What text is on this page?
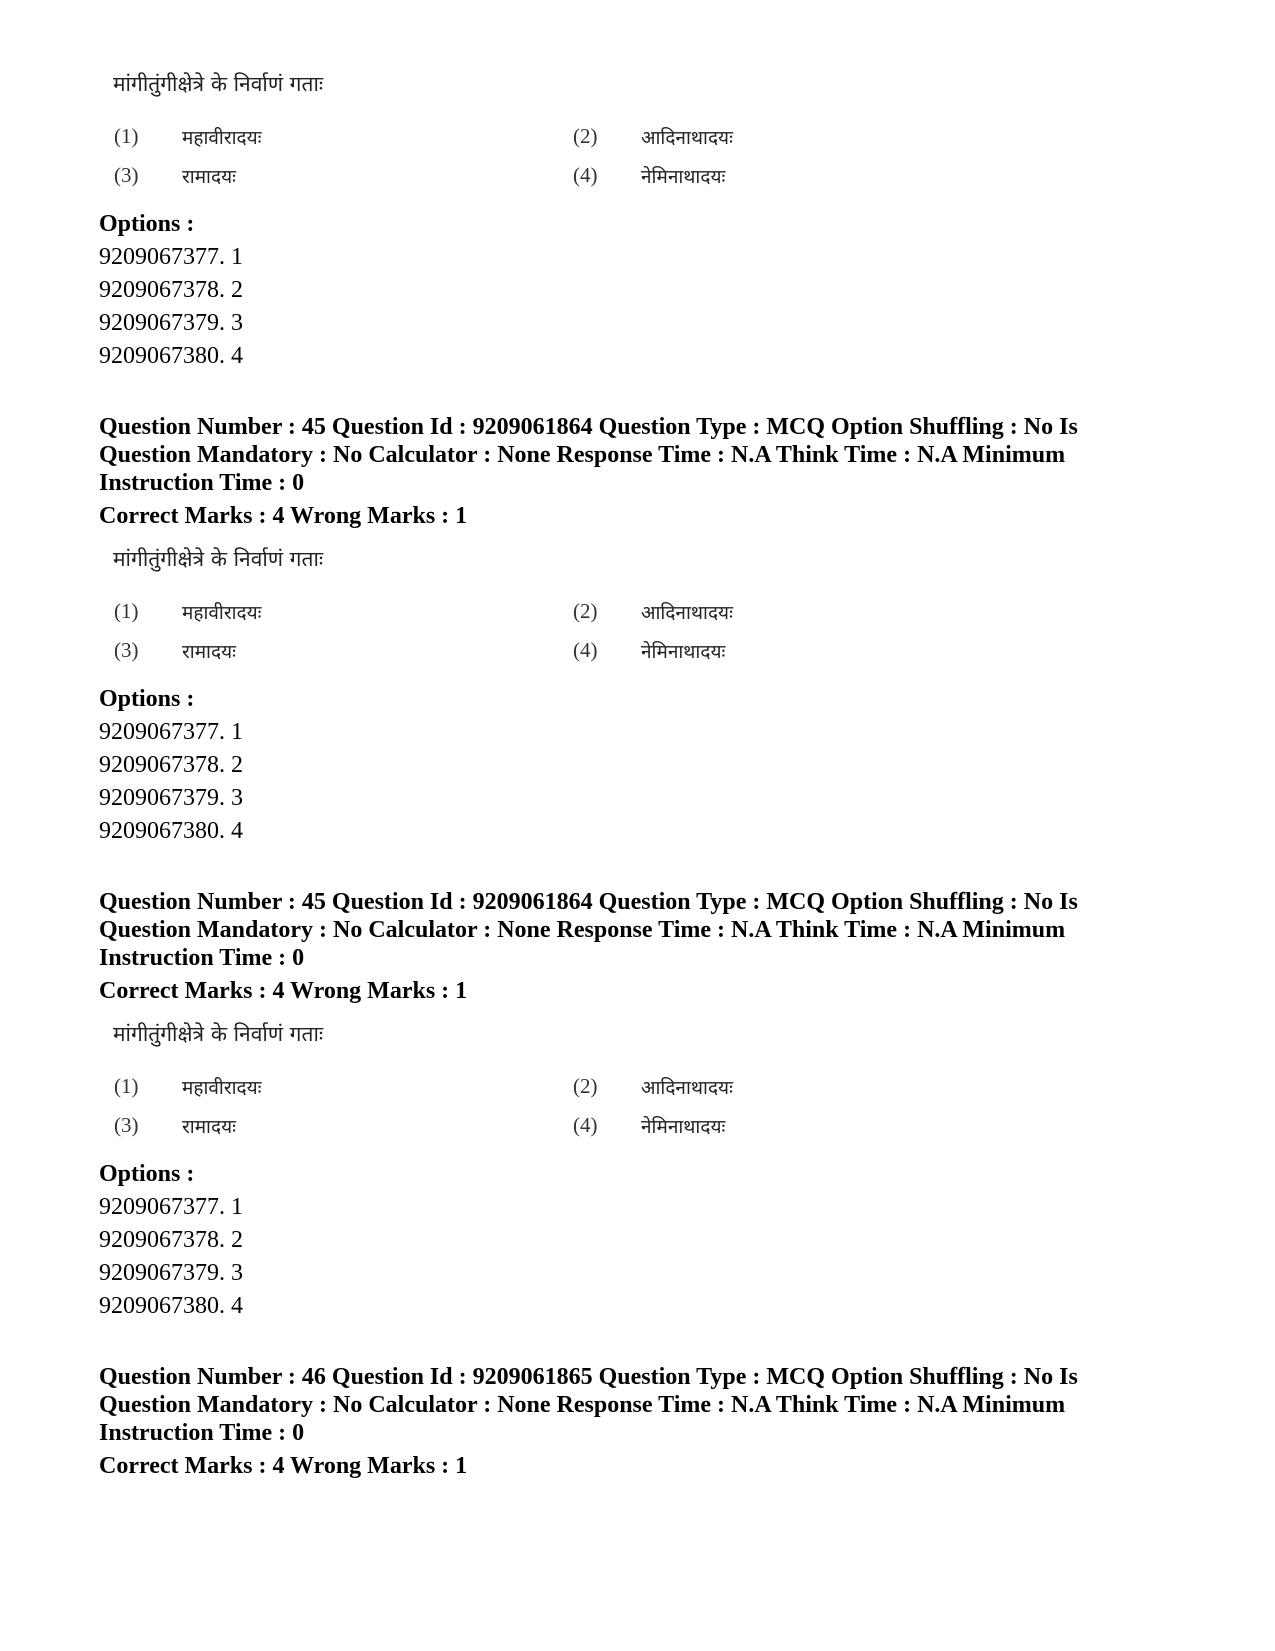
मांगीतुंगीक्षेत्रे के निर्वाणं गताः
(1) महावीरादयः	(2) आदिनाथादयः
(3) रामादयः	(4) नेमिनाथादयः
Options :
9209067377. 1
9209067378. 2
9209067379. 3
9209067380. 4
Question Number : 45 Question Id : 9209061864 Question Type : MCQ Option Shuffling : No Is Question Mandatory : No Calculator : None Response Time : N.A Think Time : N.A Minimum Instruction Time : 0
Correct Marks : 4 Wrong Marks : 1
मांगीतुंगीक्षेत्रे के निर्वाणं गताः
(1) महावीरादयः	(2) आदिनाथादयः
(3) रामादयः	(4) नेमिनाथादयः
Options :
9209067377. 1
9209067378. 2
9209067379. 3
9209067380. 4
Question Number : 45 Question Id : 9209061864 Question Type : MCQ Option Shuffling : No Is Question Mandatory : No Calculator : None Response Time : N.A Think Time : N.A Minimum Instruction Time : 0
Correct Marks : 4 Wrong Marks : 1
मांगीतुंगीक्षेत्रे के निर्वाणं गताः
(1) महावीरादयः	(2) आदिनाथादयः
(3) रामादयः	(4) नेमिनाथादयः
Options :
9209067377. 1
9209067378. 2
9209067379. 3
9209067380. 4
Question Number : 46 Question Id : 9209061865 Question Type : MCQ Option Shuffling : No Is Question Mandatory : No Calculator : None Response Time : N.A Think Time : N.A Minimum Instruction Time : 0
Correct Marks : 4 Wrong Marks : 1
